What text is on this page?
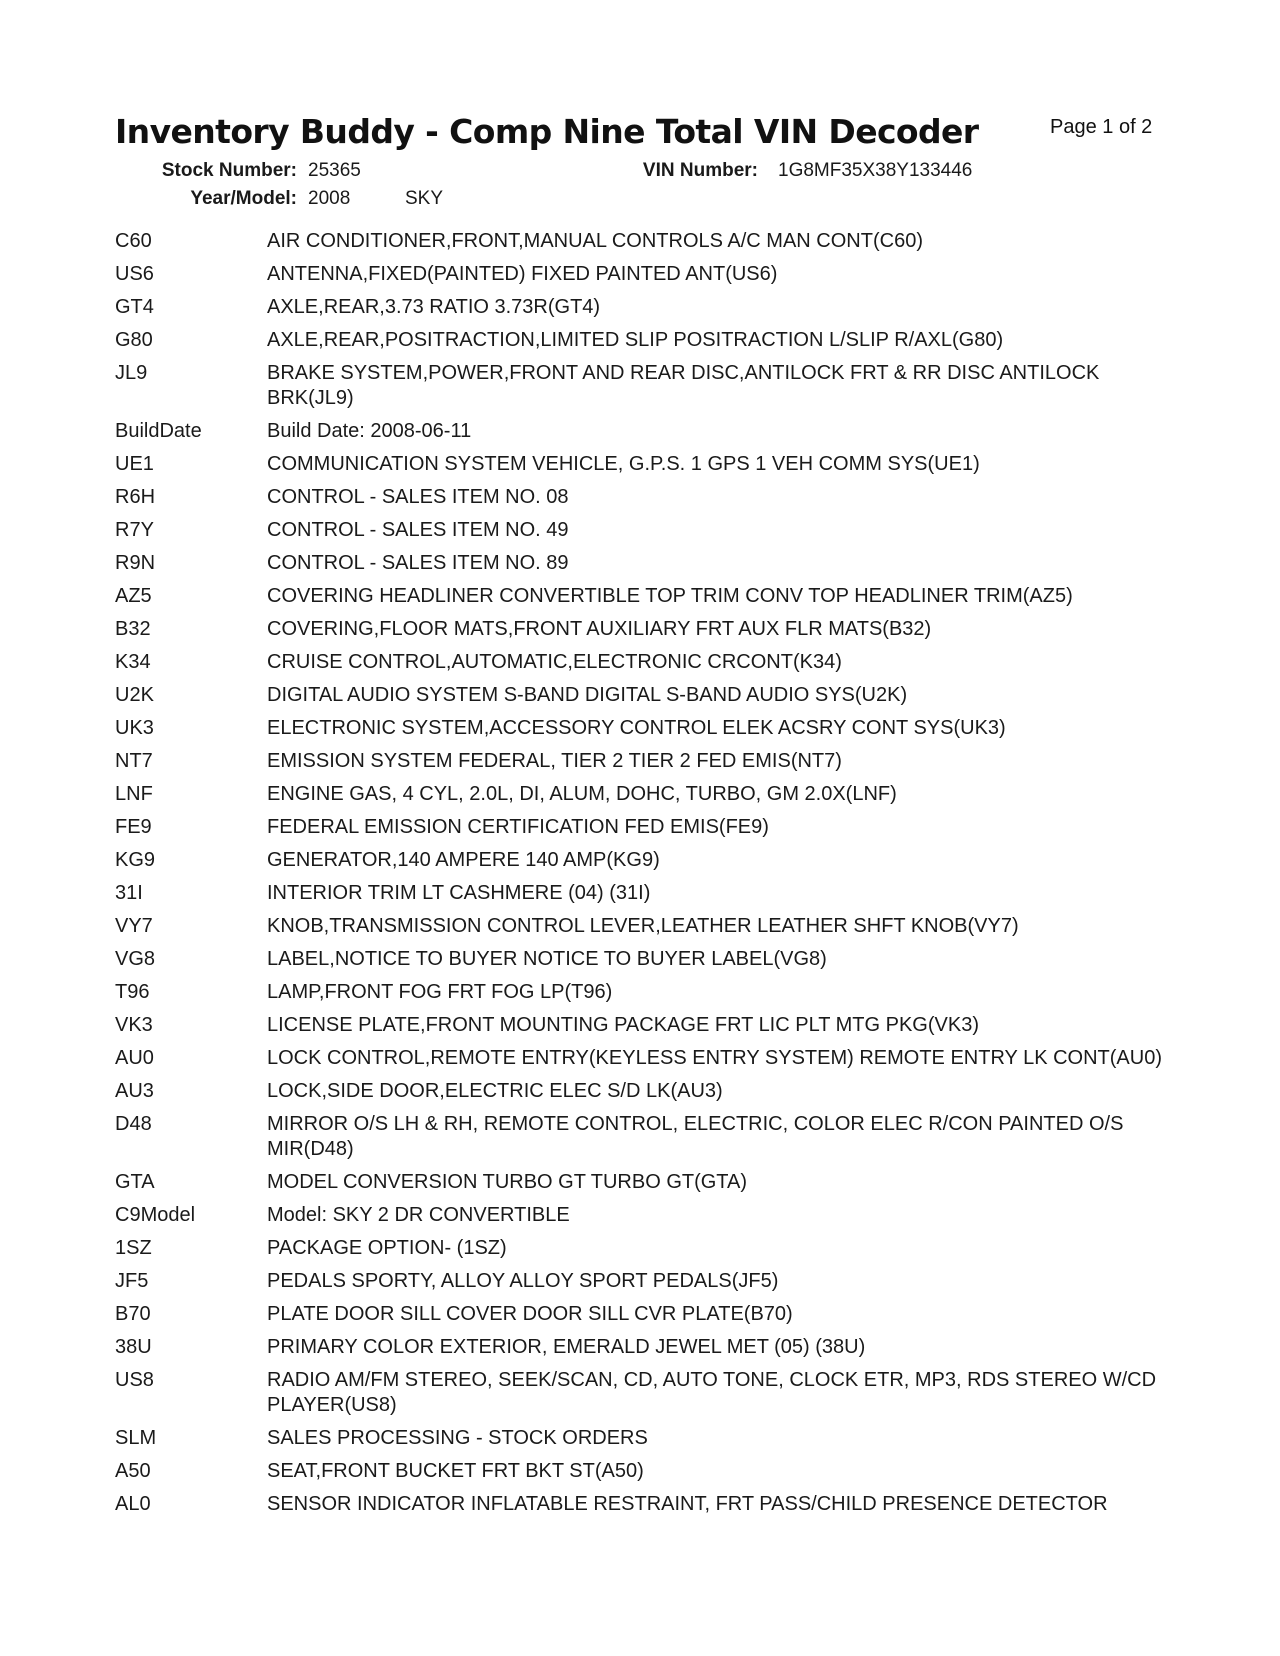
Inventory Buddy - Comp Nine Total VIN Decoder	Page 1 of 2
Stock Number: 25365	VIN Number: 1G8MF35X38Y133446
Year/Model: 2008	SKY
C60	AIR CONDITIONER,FRONT,MANUAL CONTROLS A/C MAN CONT(C60)
US6	ANTENNA,FIXED(PAINTED) FIXED PAINTED ANT(US6)
GT4	AXLE,REAR,3.73 RATIO 3.73R(GT4)
G80	AXLE,REAR,POSITRACTION,LIMITED SLIP POSITRACTION L/SLIP R/AXL(G80)
JL9	BRAKE SYSTEM,POWER,FRONT AND REAR DISC,ANTILOCK FRT & RR DISC ANTILOCK BRK(JL9)
BuildDate	Build Date: 2008-06-11
UE1	COMMUNICATION SYSTEM VEHICLE, G.P.S. 1 GPS 1 VEH COMM SYS(UE1)
R6H	CONTROL - SALES ITEM NO. 08
R7Y	CONTROL - SALES ITEM NO. 49
R9N	CONTROL - SALES ITEM NO. 89
AZ5	COVERING HEADLINER CONVERTIBLE TOP TRIM CONV TOP HEADLINER TRIM(AZ5)
B32	COVERING,FLOOR MATS,FRONT AUXILIARY FRT AUX FLR MATS(B32)
K34	CRUISE CONTROL,AUTOMATIC,ELECTRONIC CRCONT(K34)
U2K	DIGITAL AUDIO SYSTEM S-BAND DIGITAL S-BAND AUDIO SYS(U2K)
UK3	ELECTRONIC SYSTEM,ACCESSORY CONTROL ELEK ACSRY CONT SYS(UK3)
NT7	EMISSION SYSTEM FEDERAL, TIER 2 TIER 2 FED EMIS(NT7)
LNF	ENGINE GAS, 4 CYL, 2.0L, DI, ALUM, DOHC, TURBO, GM 2.0X(LNF)
FE9	FEDERAL EMISSION CERTIFICATION FED EMIS(FE9)
KG9	GENERATOR,140 AMPERE 140 AMP(KG9)
31I	INTERIOR TRIM LT CASHMERE (04) (31I)
VY7	KNOB,TRANSMISSION CONTROL LEVER,LEATHER LEATHER SHFT KNOB(VY7)
VG8	LABEL,NOTICE TO BUYER NOTICE TO BUYER LABEL(VG8)
T96	LAMP,FRONT FOG FRT FOG LP(T96)
VK3	LICENSE PLATE,FRONT MOUNTING PACKAGE FRT LIC PLT MTG PKG(VK3)
AU0	LOCK CONTROL,REMOTE ENTRY(KEYLESS ENTRY SYSTEM) REMOTE ENTRY LK CONT(AU0)
AU3	LOCK,SIDE DOOR,ELECTRIC ELEC S/D LK(AU3)
D48	MIRROR O/S LH & RH, REMOTE CONTROL, ELECTRIC, COLOR ELEC R/CON PAINTED O/S MIR(D48)
GTA	MODEL CONVERSION TURBO GT TURBO GT(GTA)
C9Model	Model: SKY 2 DR CONVERTIBLE
1SZ	PACKAGE OPTION- (1SZ)
JF5	PEDALS SPORTY, ALLOY ALLOY SPORT PEDALS(JF5)
B70	PLATE DOOR SILL COVER DOOR SILL CVR PLATE(B70)
38U	PRIMARY COLOR EXTERIOR, EMERALD JEWEL MET (05) (38U)
US8	RADIO AM/FM STEREO, SEEK/SCAN, CD, AUTO TONE, CLOCK ETR, MP3, RDS STEREO W/CD PLAYER(US8)
SLM	SALES PROCESSING - STOCK ORDERS
A50	SEAT,FRONT BUCKET FRT BKT ST(A50)
AL0	SENSOR INDICATOR INFLATABLE RESTRAINT, FRT PASS/CHILD PRESENCE DETECTOR
